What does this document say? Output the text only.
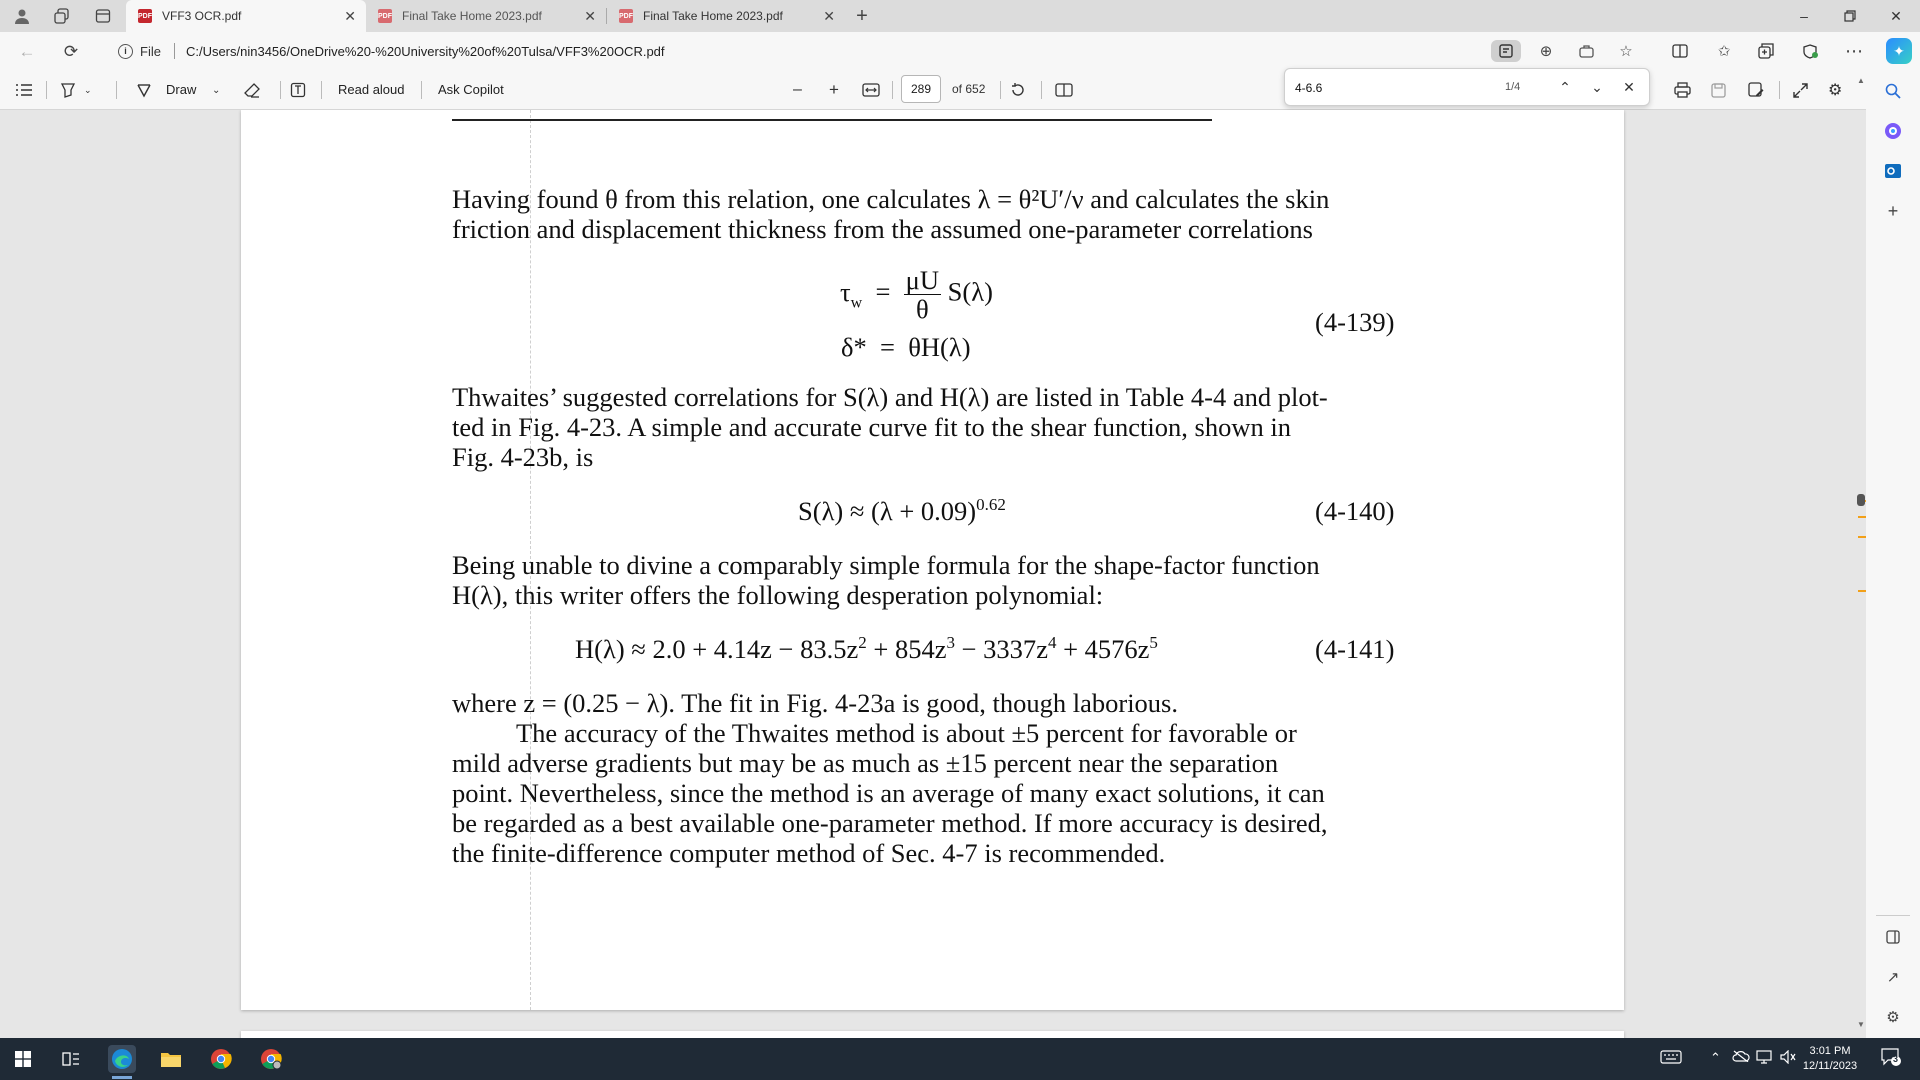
PDF VFF3 OCR.pdf	✕	PDF Final Take Home 2023.pdf	✕	PDF Final Take Home 2023.pdf	✕ +	–	✕
← ⟳	i	File C:/Users/nin3456/OneDrive%20-%20University%20of%20Tulsa/VFF3%20OCR.pdf	⊕	☆	✩	⋯	✦
⌄	Draw ⌄	Read aloud	Ask Copilot	– +	289	of 652	⚙
4-6.6
1/4	⌃ ⌄ ✕
Having found θ from this relation, one calculates λ = θ²U′/ν and calculates the skin
friction and displacement thickness from the assumed one-parameter correlations
$\tau_w = \frac{\mu U}{\theta} S(\lambda)$
δ*  =  θH(λ)
(4-139)
Thwaites’ suggested correlations for S(λ) and H(λ) are listed in Table 4-4 and plot-
ted in Fig. 4-23. A simple and accurate curve fit to the shear function, shown in
Fig. 4-23b, is
$S(\lambda) \approx (\lambda + 0.09)^{0.62}$	(4-140)
Being unable to divine a comparably simple formula for the shape-factor function
H(λ), this writer offers the following desperation polynomial:
$H(\lambda) \approx 2.0 + 4.14z - 83.5z^2 + 854z^3 - 3337z^4 + 4576z^5$	(4-141)
where z = (0.25 − λ). The fit in Fig. 4-23a is good, though laborious.
The accuracy of the Thwaites method is about ±5 percent for favorable or
mild adverse gradients but may be as much as ±15 percent near the separation
point. Nevertheless, since the method is an average of many exact solutions, it can
be regarded as a best available one-parameter method. If more accuracy is desired,
the finite-difference computer method of Sec. 4-7 is recommended.
▲
▼
+
↗
⚙
⌃	3:01 PM
12/11/2023
3
